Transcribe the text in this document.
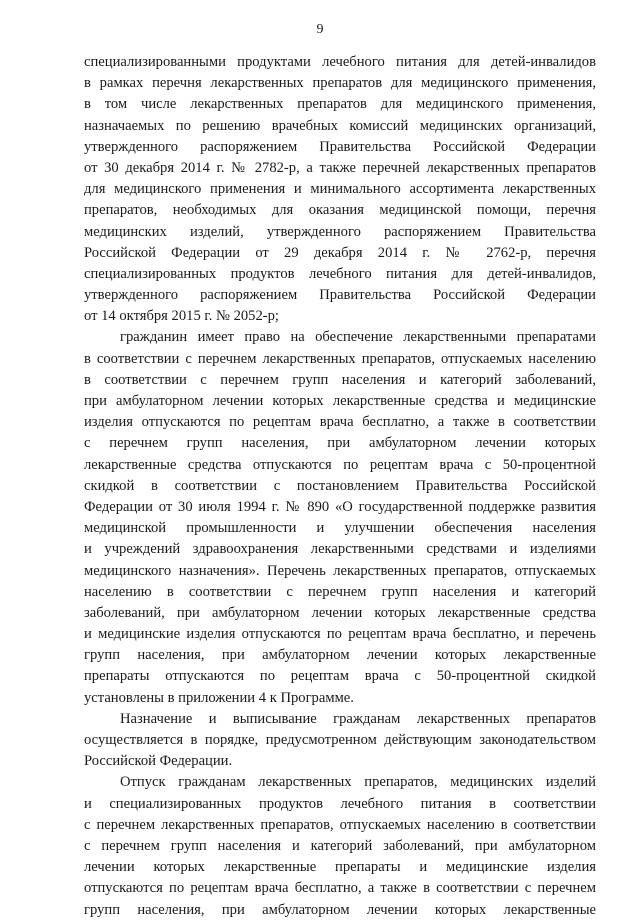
9
специализированными продуктами лечебного питания для детей-инвалидов
в рамках перечня лекарственных препаратов для медицинского применения,
в том числе лекарственных препаратов для медицинского применения,
назначаемых по решению врачебных комиссий медицинских организаций,
утвержденного распоряжением Правительства Российской Федерации
от 30 декабря 2014 г. № 2782-р, а также перечней лекарственных препаратов
для медицинского применения и минимального ассортимента лекарственных
препаратов, необходимых для оказания медицинской помощи, перечня
медицинских изделий, утвержденного распоряжением Правительства
Российской Федерации от 29 декабря 2014 г. № 2762-р, перечня
специализированных продуктов лечебного питания для детей-инвалидов,
утвержденного распоряжением Правительства Российской Федерации
от 14 октября 2015 г. № 2052-р;
гражданин имеет право на обеспечение лекарственными препаратами
в соответствии с перечнем лекарственных препаратов, отпускаемых населению
в соответствии с перечнем групп населения и категорий заболеваний,
при амбулаторном лечении которых лекарственные средства и медицинские
изделия отпускаются по рецептам врача бесплатно, а также в соответствии
с перечнем групп населения, при амбулаторном лечении которых
лекарственные средства отпускаются по рецептам врача с 50-процентной
скидкой в соответствии с постановлением Правительства Российской
Федерации от 30 июля 1994 г. № 890 «О государственной поддержке развития
медицинской промышленности и улучшении обеспечения населения
и учреждений здравоохранения лекарственными средствами и изделиями
медицинского назначения». Перечень лекарственных препаратов, отпускаемых
населению в соответствии с перечнем групп населения и категорий
заболеваний, при амбулаторном лечении которых лекарственные средства
и медицинские изделия отпускаются по рецептам врача бесплатно, и перечень
групп населения, при амбулаторном лечении которых лекарственные
препараты отпускаются по рецептам врача с 50-процентной скидкой
установлены в приложении 4 к Программе.
Назначение и выписывание гражданам лекарственных препаратов
осуществляется в порядке, предусмотренном действующим законодательством
Российской Федерации.
Отпуск гражданам лекарственных препаратов, медицинских изделий
и специализированных продуктов лечебного питания в соответствии
с перечнем лекарственных препаратов, отпускаемых населению в соответствии
с перечнем групп населения и категорий заболеваний, при амбулаторном
лечении которых лекарственные препараты и медицинские изделия
отпускаются по рецептам врача бесплатно, а также в соответствии с перечнем
групп населения, при амбулаторном лечении которых лекарственные
